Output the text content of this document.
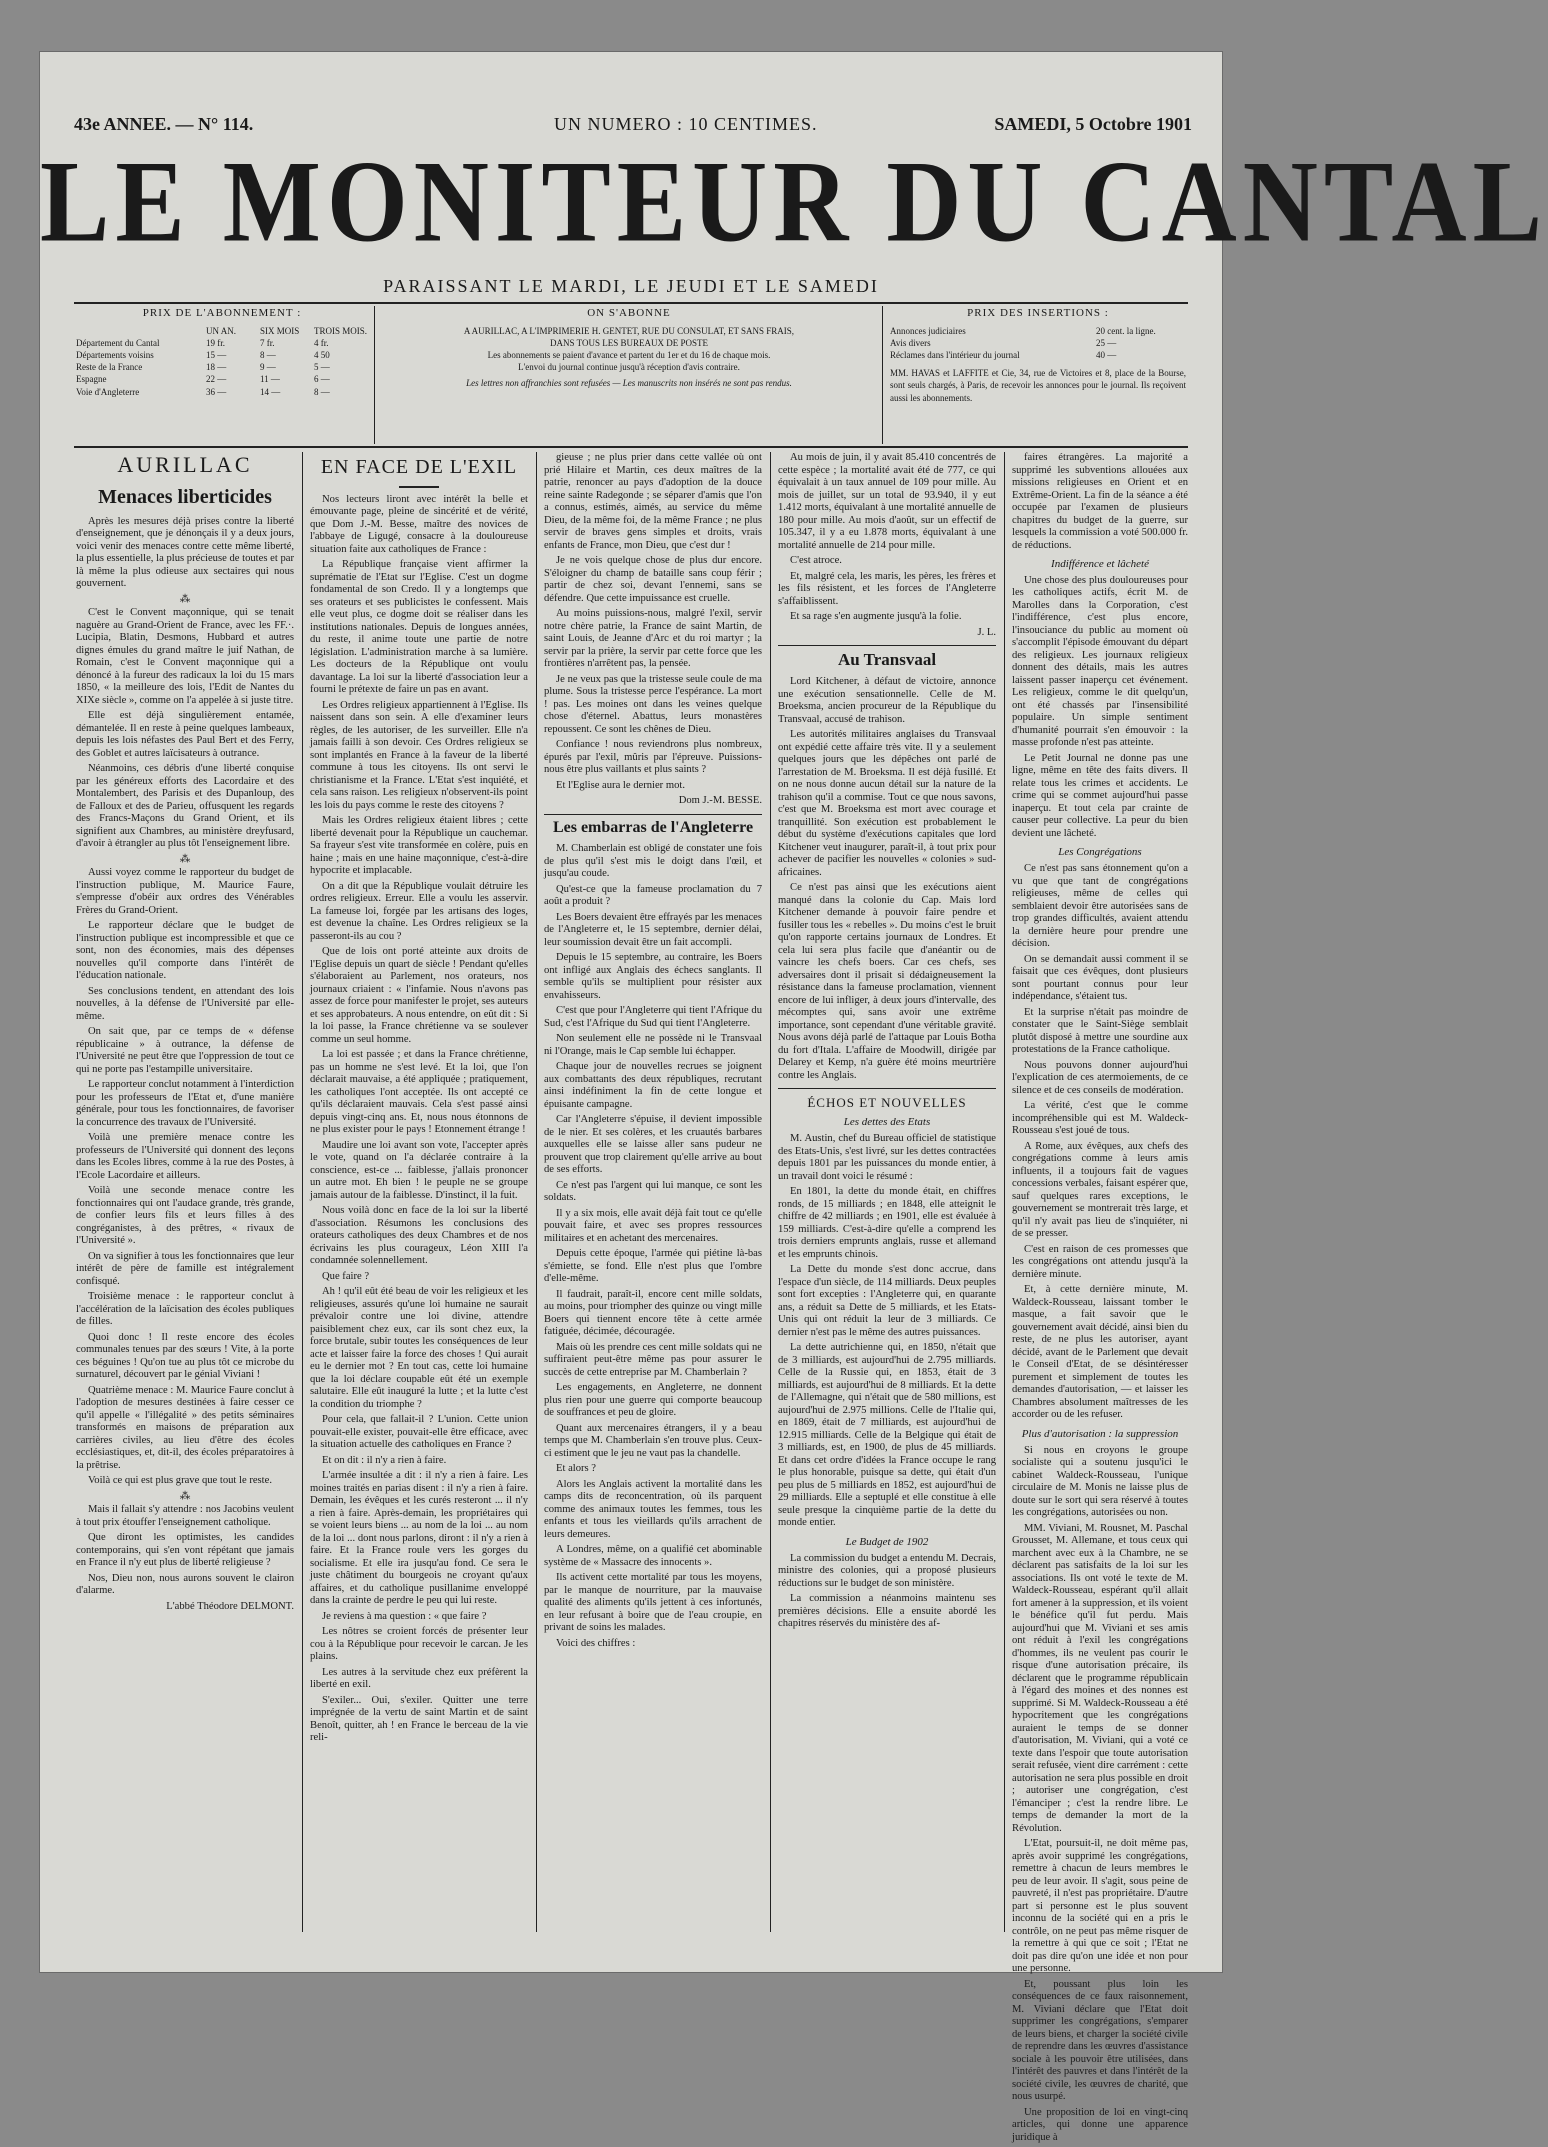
43e ANNEE. — N° 114.	UN NUMERO : 10 CENTIMES.	SAMEDI, 5 Octobre 1901
LE MONITEUR DU CANTAL
PARAISSANT LE MARDI, LE JEUDI ET LE SAMEDI
PRIX DE L'ABONNEMENT :
UN AN.	SIX MOIS	TROIS MOIS.
Département du Cantal	19 fr.	7 fr.	4 fr.
Départements voisins	15 —	8 —	4 50
Reste de la France	18 —	9 —	5 —
Espagne	22 —	11 —	6 —
Voie d'Angleterre	36 —	14 —	8 —
ON S'ABONNE
A AURILLAC, A L'IMPRIMERIE H. GENTET, RUE DU CONSULAT, ET SANS FRAIS,
DANS TOUS LES BUREAUX DE POSTE
Les abonnements se paient d'avance et partent du 1er et du 16 de chaque mois.
L'envoi du journal continue jusqu'à réception d'avis contraire.
Les lettres non affranchies sont refusées — Les manuscrits non insérés ne sont pas rendus.
PRIX DES INSERTIONS :
Annonces judiciaires	20 cent. la ligne.
Avis divers	25 —
Réclames dans l'intérieur du journal	40 —
MM. HAVAS et LAFFITE et Cie, 34, rue de Victoires et 8, place de la Bourse, sont seuls chargés, à Paris, de recevoir les annonces pour le journal. Ils reçoivent aussi les abonnements.
AURILLAC
Menaces liberticides

Après les mesures déjà prises contre la liberté d'enseignement, que je dénonçais il y a deux jours, voici venir des menaces contre cette même liberté, la plus essentielle, la plus précieuse de toutes et par là même la plus odieuse aux sectaires qui nous gouvernent.

⁂

C'est le Convent maçonnique, qui se tenait naguère au Grand-Orient de France, avec les FF.·. Lucipia, Blatin, Desmons, Hubbard et autres dignes émules du grand maître le juif Nathan, de Romain, c'est le Convent maçonnique qui a dénoncé à la fureur des radicaux la loi du 15 mars 1850, « la meilleure des lois, l'Edit de Nantes du XIXe siècle », comme on l'a appelée à si juste titre.

Elle est déjà singulièrement entamée, démantelée. Il en reste à peine quelques lambeaux, depuis les lois néfastes des Paul Bert et des Ferry, des Goblet et autres laïcisateurs à outrance.

Néanmoins, ces débris d'une liberté conquise par les généreux efforts des Lacordaire et des Montalembert, des Parisis et des Dupanloup, des de Falloux et des de Parieu, offusquent les regards des Francs-Maçons du Grand Orient, et ils signifient aux Chambres, au ministère dreyfusard, d'avoir à étrangler au plus tôt l'enseignement libre.

⁂

Aussi voyez comme le rapporteur du budget de l'instruction publique, M. Maurice Faure, s'empresse d'obéir aux ordres des Vénérables Frères du Grand-Orient.

Le rapporteur déclare que le budget de l'instruction publique est incompressible et que ce sont, non des économies, mais des dépenses nouvelles qu'il comporte dans l'intérêt de l'éducation nationale.

Ses conclusions tendent, en attendant des lois nouvelles, à la défense de l'Université par elle-même.

On sait que, par ce temps de « défense républicaine » à outrance, la défense de l'Université ne peut être que l'oppression de tout ce qui ne porte pas l'estampille universitaire.

Le rapporteur conclut notamment à l'interdiction pour les professeurs de l'Etat et, d'une manière générale, pour tous les fonctionnaires, de favoriser la concurrence des travaux de l'Université.

Voilà une première menace contre les professeurs de l'Université qui donnent des leçons dans les Ecoles libres, comme à la rue des Postes, à l'Ecole Lacordaire et ailleurs.

Voilà une seconde menace contre les fonctionnaires qui ont l'audace grande, très grande, de confier leurs fils et leurs filles à des congréganistes, à des prêtres, « rivaux de l'Université ».

On va signifier à tous les fonctionnaires que leur intérêt de père de famille est intégralement confisqué.

Troisième menace : le rapporteur conclut à l'accélération de la laïcisation des écoles publiques de filles.

Quoi donc ! Il reste encore des écoles communales tenues par des sœurs ! Vite, à la porte ces béguines ! Qu'on tue au plus tôt ce microbe du surnaturel, découvert par le génial Viviani !

Quatrième menace : M. Maurice Faure conclut à l'adoption de mesures destinées à faire cesser ce qu'il appelle « l'illégalité » des petits séminaires transformés en maisons de préparation aux carrières civiles, au lieu d'être des écoles ecclésiastiques, et, dit-il, des écoles préparatoires à la prêtrise.

Voilà ce qui est plus grave que tout le reste.

⁂

Mais il fallait s'y attendre : nos Jacobins veulent à tout prix étouffer l'enseignement catholique.

Que diront les optimistes, les candides contemporains, qui s'en vont répétant que jamais en France il n'y eut plus de liberté religieuse ?

Nos, Dieu non, nous aurons souvent le clairon d'alarme.

L'abbé Théodore DELMONT.
EN FACE DE L'EXIL

Nos lecteurs liront avec intérêt la belle et émouvante page, pleine de sincérité et de vérité, que Dom J.-M. Besse, maître des novices de l'abbaye de Ligugé, consacre à la douloureuse situation faite aux catholiques de France :

La République française vient affirmer la suprématie de l'Etat sur l'Eglise. C'est un dogme fondamental de son Credo. Il y a longtemps que ses orateurs et ses publicistes le confessent. Mais elle veut plus, ce dogme doit se réaliser dans les institutions nationales. Depuis de longues années, du reste, il anime toute une partie de notre législation. L'administration marche à sa lumière. Les docteurs de la République ont voulu davantage. La loi sur la liberté d'association leur a fourni le prétexte de faire un pas en avant.

Les Ordres religieux appartiennent à l'Eglise. Ils naissent dans son sein. A elle d'examiner leurs règles, de les autoriser, de les surveiller. Elle n'a jamais failli à son devoir. Ces Ordres religieux se sont implantés en France à la faveur de la liberté commune à tous les citoyens. Ils ont servi le christianisme et la France. L'Etat s'est inquiété, et cela sans raison. Les religieux n'observent-ils point les lois du pays comme le reste des citoyens ?

Mais les Ordres religieux étaient libres ; cette liberté devenait pour la République un cauchemar. Sa frayeur s'est vite transformée en colère, puis en haine ; mais en une haine maçonnique, c'est-à-dire hypocrite et implacable.

On a dit que la République voulait détruire les ordres religieux. Erreur. Elle a voulu les asservir. La fameuse loi, forgée par les artisans des loges, est devenue la chaîne. Les Ordres religieux se la passeront-ils au cou ?

Que de lois ont porté atteinte aux droits de l'Eglise depuis un quart de siècle ! Pendant qu'elles s'élaboraient au Parlement, nos orateurs, nos journaux criaient : « l'infamie. Nous n'avons pas assez de force pour manifester le projet, ses auteurs et ses approbateurs. A nous entendre, on eût dit : Si la loi passe, la France chrétienne va se soulever comme un seul homme.

La loi est passée ; et dans la France chrétienne, pas un homme ne s'est levé. Et la loi, que l'on déclarait mauvaise, a été appliquée ; pratiquement, les catholiques l'ont acceptée. Ils ont accepté ce qu'ils déclaraient mauvais. Cela s'est passé ainsi depuis vingt-cinq ans. Et, nous nous étonnons de ne plus exister pour le pays ! Etonnement étrange !

Maudire une loi avant son vote, l'accepter après le vote, quand on l'a déclarée contraire à la conscience, est-ce ... faiblesse, j'allais prononcer un autre mot. Eh bien ! le peuple ne se groupe jamais autour de la faiblesse. D'instinct, il la fuit.

Nous voilà donc en face de la loi sur la liberté d'association. Résumons les conclusions des orateurs catholiques des deux Chambres et de nos écrivains les plus courageux, Léon XIII l'a condamnée solennellement.

Que faire ?

Ah ! qu'il eût été beau de voir les religieux et les religieuses, assurés qu'une loi humaine ne saurait prévaloir contre une loi divine, attendre paisiblement chez eux, car ils sont chez eux, la force brutale, subir toutes les conséquences de leur acte et laisser faire la force des choses ! Qui aurait eu le dernier mot ? En tout cas, cette loi humaine que la loi déclare coupable eût été un exemple salutaire. Elle eût inauguré la lutte ; et la lutte c'est la condition du triomphe ?

Pour cela, que fallait-il ? L'union. Cette union pouvait-elle exister, pouvait-elle être efficace, avec la situation actuelle des catholiques en France ?

Et on dit : il n'y a rien à faire.

L'armée insultée a dit : il n'y a rien à faire. Les moines traités en parias disent : il n'y a rien à faire. Demain, les évêques et les curés resteront ... il n'y a rien à faire. Après-demain, les propriétaires qui se voient leurs biens ... au nom de la loi ... au nom de la loi ... dont nous parlons, diront : il n'y a rien à faire. Et la France roule vers les gorges du socialisme. Et elle ira jusqu'au fond. Ce sera le juste châtiment du bourgeois ne croyant qu'aux affaires, et du catholique pusillanime enveloppé dans la crainte de perdre le peu qui lui reste.

Je reviens à ma question : « que faire ?

Les nôtres se croient forcés de présenter leur cou à la République pour recevoir le carcan. Je les plains.

Les autres à la servitude chez eux préfèrent la liberté en exil.

S'exiler... Oui, s'exiler. Quitter une terre imprégnée de la vertu de saint Martin et de saint Benoît, quitter, ah ! en France le berceau de la vie reli-

gieuse ; ne plus prier dans cette vallée où ont prié Hilaire et Martin, ces deux maîtres de la patrie, renoncer au pays d'adoption de la douce reine sainte Radegonde ; se séparer d'amis que l'on a connus, estimés, aimés, au service du même Dieu, de la même foi, de la même France ; ne plus servir de braves gens simples et droits, vrais enfants de France, mon Dieu, que c'est dur !

Je ne vois quelque chose de plus dur encore. S'éloigner du champ de bataille sans coup férir ; partir de chez soi, devant l'ennemi, sans se défendre. Que cette impuissance est cruelle.

Au moins puissions-nous, malgré l'exil, servir notre chère patrie, la France de saint Martin, de saint Louis, de Jeanne d'Arc et du roi martyr ; la servir par la prière, la servir par cette force que les frontières n'arrêtent pas, la pensée.

Je ne veux pas que la tristesse seule coule de ma plume. Sous la tristesse perce l'espérance. La mort ! pas. Les moines ont dans les veines quelque chose d'éternel. Abattus, leurs monastères repoussent. Ce sont les chênes de Dieu.

Confiance ! nous reviendrons plus nombreux, épurés par l'exil, mûris par l'épreuve. Puissions-nous être plus vaillants et plus saints ?

Et l'Eglise aura le dernier mot.

Dom J.-M. BESSE.
Les embarras de l'Angleterre

M. Chamberlain est obligé de constater une fois de plus qu'il s'est mis le doigt dans l'œil, et jusqu'au coude.

Qu'est-ce que la fameuse proclamation du 7 août a produit ?

Les Boers devaient être effrayés par les menaces de l'Angleterre et, le 15 septembre, dernier délai, leur soumission devait être un fait accompli.

Depuis le 15 septembre, au contraire, les Boers ont infligé aux Anglais des échecs sanglants. Il semble qu'ils se multiplient pour résister aux envahisseurs.

C'est que pour l'Angleterre qui tient l'Afrique du Sud, c'est l'Afrique du Sud qui tient l'Angleterre.

Non seulement elle ne possède ni le Transvaal ni l'Orange, mais le Cap semble lui échapper.

Chaque jour de nouvelles recrues se joignent aux combattants des deux républiques, recrutant ainsi indéfiniment la fin de cette longue et épuisante campagne.

Car l'Angleterre s'épuise, il devient impossible de le nier. Et ses colères, et les cruautés barbares auxquelles elle se laisse aller sans pudeur ne prouvent que trop clairement qu'elle arrive au bout de ses efforts.

Ce n'est pas l'argent qui lui manque, ce sont les soldats.

Il y a six mois, elle avait déjà fait tout ce qu'elle pouvait faire, et avec ses propres ressources militaires et en achetant des mercenaires.

Depuis cette époque, l'armée qui piétine là-bas s'émiette, se fond. Elle n'est plus que l'ombre d'elle-même.

Il faudrait, paraît-il, encore cent mille soldats, au moins, pour triompher des quinze ou vingt mille Boers qui tiennent encore tête à cette armée fatiguée, décimée, découragée.

Mais où les prendre ces cent mille soldats qui ne suffiraient peut-être même pas pour assurer le succès de cette entreprise par M. Chamberlain ?

Les engagements, en Angleterre, ne donnent plus rien pour une guerre qui comporte beaucoup de souffrances et peu de gloire.

Quant aux mercenaires étrangers, il y a beau temps que M. Chamberlain s'en trouve plus. Ceux-ci estiment que le jeu ne vaut pas la chandelle.

Et alors ?

Alors les Anglais activent la mortalité dans les camps dits de reconcentration, où ils parquent comme des animaux toutes les femmes, tous les enfants et tous les vieillards qu'ils arrachent de leurs demeures.

A Londres, même, on a qualifié cet abominable système de « Massacre des innocents ».

Ils activent cette mortalité par tous les moyens, par le manque de nourriture, par la mauvaise qualité des aliments qu'ils jettent à ces infortunés, en leur refusant à boire que de l'eau croupie, en privant de soins les malades.

Voici des chiffres :

Au mois de juin, il y avait 85.410 concentrés de cette espèce ; la mortalité avait été de 777, ce qui équivalait à un taux annuel de 109 pour mille. Au mois de juillet, sur un total de 93.940, il y eut 1.412 morts, équivalant à une mortalité annuelle de 180 pour mille. Au mois d'août, sur un effectif de 105.347, il y a eu 1.878 morts, équivalant à une mortalité annuelle de 214 pour mille.

C'est atroce.

Et, malgré cela, les maris, les pères, les frères et les fils résistent, et les forces de l'Angleterre s'affaiblissent.

Et sa rage s'en augmente jusqu'à la folie.

J. L.
Au Transvaal

Lord Kitchener, à défaut de victoire, annonce une exécution sensationnelle. Celle de M. Broeksma, ancien procureur de la République du Transvaal, accusé de trahison.

Les autorités militaires anglaises du Transvaal ont expédié cette affaire très vite. Il y a seulement quelques jours que les dépêches ont parlé de l'arrestation de M. Broeksma. Il est déjà fusillé. Et on ne nous donne aucun détail sur la nature de la trahison qu'il a commise. Tout ce que nous savons, c'est que M. Broeksma est mort avec courage et tranquillité. Son exécution est probablement le début du système d'exécutions capitales que lord Kitchener veut inaugurer, paraît-il, à tout prix pour achever de pacifier les nouvelles « colonies » sud-africaines.

Ce n'est pas ainsi que les exécutions aient manqué dans la colonie du Cap. Mais lord Kitchener demande à pouvoir faire pendre et fusiller tous les « rebelles ». Du moins c'est le bruit qu'on rapporte certains journaux de Londres. Et cela lui sera plus facile que d'anéantir ou de vaincre les chefs boers. Car ces chefs, ses adversaires dont il prisait si dédaigneusement la résistance dans la fameuse proclamation, viennent encore de lui infliger, à deux jours d'intervalle, des mécomptes qui, sans avoir une extrême importance, sont cependant d'une véritable gravité. Nous avons déjà parlé de l'attaque par Louis Botha du fort d'Itala. L'affaire de Moodwill, dirigée par Delarey et Kemp, n'a guère été moins meurtrière contre les Anglais.

ÉCHOS ET NOUVELLES
Les dettes des Etats

M. Austin, chef du Bureau officiel de statistique des Etats-Unis, s'est livré, sur les dettes contractées depuis 1801 par les puissances du monde entier, à un travail dont voici le résumé :

En 1801, la dette du monde était, en chiffres ronds, de 15 milliards ; en 1848, elle atteignit le chiffre de 42 milliards ; en 1901, elle est évaluée à 159 milliards. C'est-à-dire qu'elle a comprend les trois derniers emprunts anglais, russe et allemand et les emprunts chinois.

La Dette du monde s'est donc accrue, dans l'espace d'un siècle, de 114 milliards. Deux peuples sont fort excepties : l'Angleterre qui, en quarante ans, a réduit sa Dette de 5 milliards, et les Etats-Unis qui ont réduit la leur de 3 milliards. Ce dernier n'est pas le même des autres puissances.

La dette autrichienne qui, en 1850, n'était que de 3 milliards, est aujourd'hui de 2.795 milliards. Celle de la Russie qui, en 1853, était de 3 milliards, est aujourd'hui de 8 milliards. Et la dette de l'Allemagne, qui n'était que de 580 millions, est aujourd'hui de 2.975 millions. Celle de l'Italie qui, en 1869, était de 7 milliards, est aujourd'hui de 12.915 milliards. Celle de la Belgique qui était de 3 milliards, est, en 1900, de plus de 45 milliards. Et dans cet ordre d'idées la France occupe le rang le plus honorable, puisque sa dette, qui était d'un peu plus de 5 milliards en 1852, est aujourd'hui de 29 milliards. Elle a septuplé et elle constitue à elle seule presque la cinquième partie de la dette du monde entier.

Le Budget de 1902

La commission du budget a entendu M. Decrais, ministre des colonies, qui a proposé plusieurs réductions sur le budget de son ministère.

La commission a néanmoins maintenu ses premières décisions. Elle a ensuite abordé les chapitres réservés du ministère des af-

faires étrangères. La majorité a supprimé les subventions allouées aux missions religieuses en Orient et en Extrême-Orient. La fin de la séance a été occupée par l'examen de plusieurs chapitres du budget de la guerre, sur lesquels la commission a voté 500.000 fr. de réductions.

Indifférence et lâcheté

Une chose des plus douloureuses pour les catholiques actifs, écrit M. de Marolles dans la Corporation, c'est l'indifférence, c'est plus encore, l'insouciance du public au moment où s'accomplit l'épisode émouvant du départ des religieux. Les journaux religieux donnent des détails, mais les autres laissent passer inaperçu cet événement. Les religieux, comme le dit quelqu'un, ont été chassés par l'insensibilité populaire. Un simple sentiment d'humanité pourrait s'en émouvoir : la masse profonde n'est pas atteinte.

Le Petit Journal ne donne pas une ligne, même en tête des faits divers. Il relate tous les crimes et accidents. Le crime qui se commet aujourd'hui passe inaperçu. Et tout cela par crainte de causer peur collective. La peur du bien devient une lâcheté.

Les Congrégations

Ce n'est pas sans étonnement qu'on a vu que que tant de congrégations religieuses, même de celles qui semblaient devoir être autorisées sans de trop grandes difficultés, avaient attendu la dernière heure pour prendre une décision.

On se demandait aussi comment il se faisait que ces évêques, dont plusieurs sont pourtant connus pour leur indépendance, s'étaient tus.

Et la surprise n'était pas moindre de constater que le Saint-Siège semblait plutôt disposé à mettre une sourdine aux protestations de la France catholique.

Nous pouvons donner aujourd'hui l'explication de ces atermoiements, de ce silence et de ces conseils de modération.

La vérité, c'est que le comme incompréhensible qui est M. Waldeck-Rousseau s'est joué de tous.

A Rome, aux évêques, aux chefs des congrégations comme à leurs amis influents, il a toujours fait de vagues concessions verbales, faisant espérer que, sauf quelques rares exceptions, le gouvernement se montrerait très large, et qu'il n'y avait pas lieu de s'inquiéter, ni de se presser.

C'est en raison de ces promesses que les congrégations ont attendu jusqu'à la dernière minute.

Et, à cette dernière minute, M. Waldeck-Rousseau, laissant tomber le masque, a fait savoir que le gouvernement avait décidé, ainsi bien du reste, de ne plus les autoriser, ayant décidé, avant de le Parlement que devait le Conseil d'Etat, de se désintéresser purement et simplement de toutes les demandes d'autorisation, — et laisser les Chambres absolument maîtresses de les accorder ou de les refuser.

Plus d'autorisation : la suppression

Si nous en croyons le groupe socialiste qui a soutenu jusqu'ici le cabinet Waldeck-Rousseau, l'unique circulaire de M. Monis ne laisse plus de doute sur le sort qui sera réservé à toutes les congrégations, autorisées ou non.

MM. Viviani, M. Rousnet, M. Paschal Grousset, M. Allemane, et tous ceux qui marchent avec eux à la Chambre, ne se déclarent pas satisfaits de la loi sur les associations. Ils ont voté le texte de M. Waldeck-Rousseau, espérant qu'il allait fort amener à la suppression, et ils voient le bénéfice qu'il fut perdu. Mais aujourd'hui que M. Viviani et ses amis ont réduit à l'exil les congrégations d'hommes, ils ne veulent pas courir le risque d'une autorisation précaire, ils déclarent que le programme républicain à l'égard des moines et des nonnes est supprimé. Si M. Waldeck-Rousseau a été hypocritement que les congrégations auraient le temps de se donner d'autorisation, M. Viviani, qui a voté ce texte dans l'espoir que toute autorisation serait refusée, vient dire carrément : cette autorisation ne sera plus possible en droit ; autoriser une congrégation, c'est l'émanciper ; c'est la rendre libre. Le temps de demander la mort de la Révolution.

L'Etat, poursuit-il, ne doit même pas, après avoir supprimé les congrégations, remettre à chacun de leurs membres le peu de leur avoir. Il s'agit, sous peine de pauvreté, il n'est pas propriétaire. D'autre part si personne est le plus souvent inconnu de la société qui en a pris le contrôle, on ne peut pas même risquer de la remettre à qui que ce soit ; l'Etat ne doit pas dire qu'on une idée et non pour une personne.

Et, poussant plus loin les conséquences de ce faux raisonnement, M. Viviani déclare que l'Etat doit supprimer les congrégations, s'emparer de leurs biens, et charger la société civile de reprendre dans les œuvres d'assistance sociale à les pouvoir être utilisées, dans l'intérêt des pauvres et dans l'intérêt de la société civile, les œuvres de charité, que nous usurpé.

Une proposition de loi en vingt-cinq articles, qui donne une apparence juridique à
